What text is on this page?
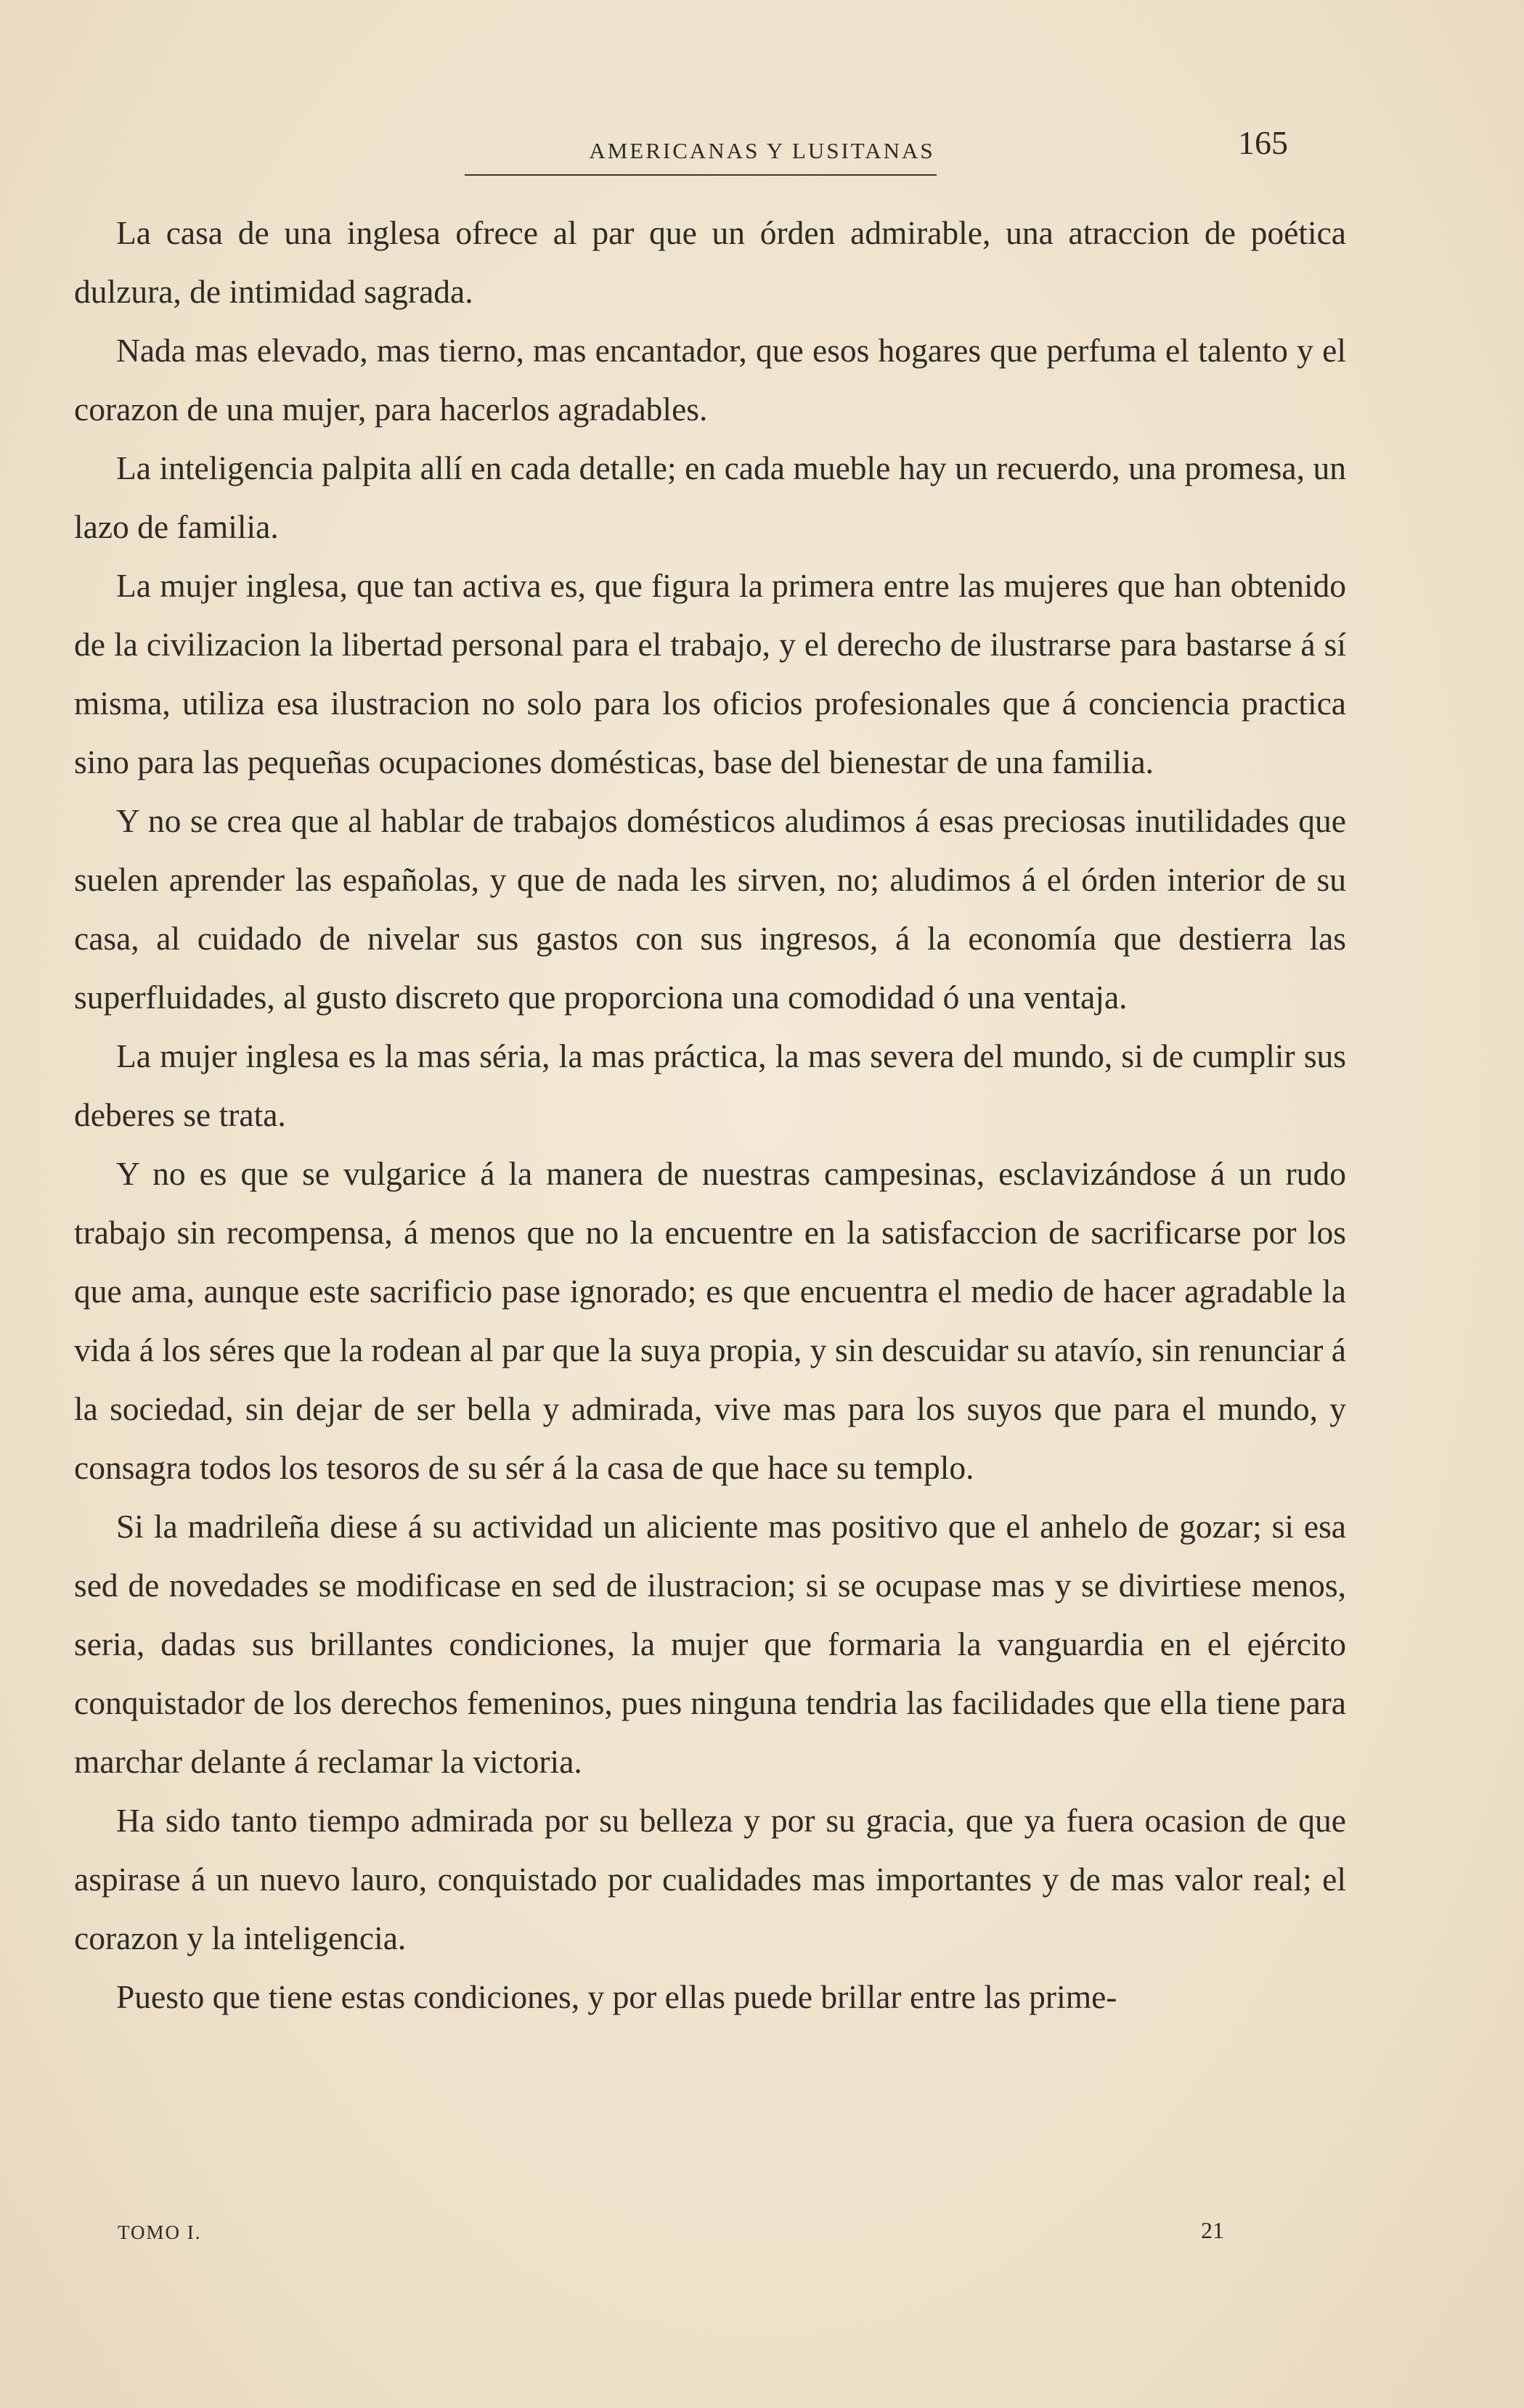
AMERICANAS Y LUSITANAS	165

La casa de una inglesa ofrece al par que un órden admirable, una atraccion de poética dulzura, de intimidad sagrada.

Nada mas elevado, mas tierno, mas encantador, que esos hogares que perfuma el talento y el corazon de una mujer, para hacerlos agradables.

La inteligencia palpita allí en cada detalle; en cada mueble hay un recuerdo, una promesa, un lazo de familia.

La mujer inglesa, que tan activa es, que figura la primera entre las mujeres que han obtenido de la civilizacion la libertad personal para el trabajo, y el derecho de ilustrarse para bastarse á sí misma, utiliza esa ilustracion no solo para los oficios profesionales que á conciencia practica sino para las pequeñas ocupaciones domésticas, base del bienestar de una familia.

Y no se crea que al hablar de trabajos domésticos aludimos á esas preciosas inutilidades que suelen aprender las españolas, y que de nada les sirven, no; aludimos á el órden interior de su casa, al cuidado de nivelar sus gastos con sus ingresos, á la economía que destierra las superfluidades, al gusto discreto que proporciona una comodidad ó una ventaja.

La mujer inglesa es la mas séria, la mas práctica, la mas severa del mundo, si de cumplir sus deberes se trata.

Y no es que se vulgarice á la manera de nuestras campesinas, esclavizándose á un rudo trabajo sin recompensa, á menos que no la encuentre en la satisfaccion de sacrificarse por los que ama, aunque este sacrificio pase ignorado; es que encuentra el medio de hacer agradable la vida á los séres que la rodean al par que la suya propia, y sin descuidar su atavío, sin renunciar á la sociedad, sin dejar de ser bella y admirada, vive mas para los suyos que para el mundo, y consagra todos los tesoros de su sér á la casa de que hace su templo.

Si la madrileña diese á su actividad un aliciente mas positivo que el anhelo de gozar; si esa sed de novedades se modificase en sed de ilustracion; si se ocupase mas y se divirtiese menos, seria, dadas sus brillantes condiciones, la mujer que formaria la vanguardia en el ejército conquistador de los derechos femeninos, pues ninguna tendria las facilidades que ella tiene para marchar delante á reclamar la victoria.

Ha sido tanto tiempo admirada por su belleza y por su gracia, que ya fuera ocasion de que aspirase á un nuevo lauro, conquistado por cualidades mas importantes y de mas valor real; el corazon y la inteligencia.

Puesto que tiene estas condiciones, y por ellas puede brillar entre las prime-

TOMO I.	21
